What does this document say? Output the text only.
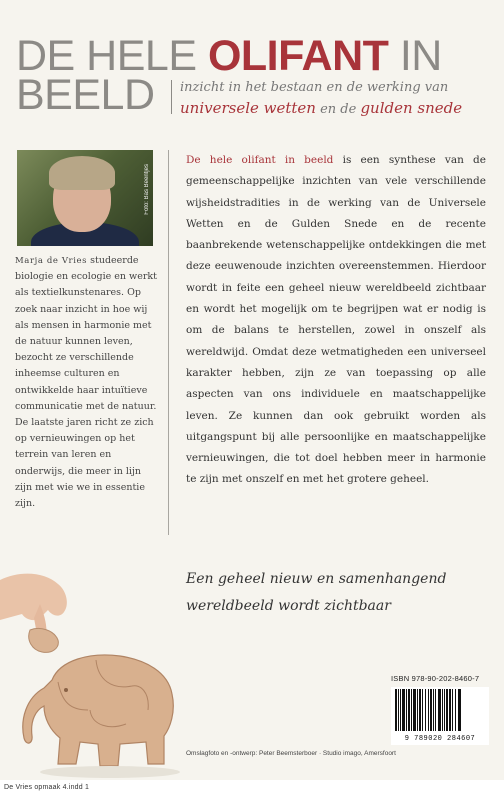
DE HELE OLIFANT IN
BEELD inzicht in het bestaan en de werking van
universele wetten en de gulden snede
Foto: Bas Beentjes

Marja de Vries studeerde biologie en ecologie en werkt als textielkunstenares. Op zoek naar inzicht in hoe wij als mensen in harmonie met de natuur kunnen leven, bezocht ze verschillende inheemse culturen en ontwikkelde haar intuïtieve communicatie met de natuur. De laatste jaren richt ze zich op vernieuwingen op het terrein van leren en onderwijs, die meer in lijn zijn met wie we in essentie zijn.

De hele olifant in beeld is een synthese van de gemeenschappelijke inzichten van vele verschillende wijsheidstradities in de werking van de Universele Wetten en de Gulden Snede en de recente baanbrekende wetenschappelijke ontdekkingen die met deze eeuwenoude inzichten overeenstemmen. Hierdoor wordt in feite een geheel nieuw wereldbeeld zichtbaar en wordt het mogelijk om te begrijpen wat er nodig is om de balans te herstellen, zowel in onszelf als wereldwijd. Omdat deze wetmatigheden een universeel karakter hebben, zijn ze van toepassing op alle aspecten van ons individuele en maatschappelijke leven. Ze kunnen dan ook gebruikt worden als uitgangspunt bij alle persoonlijke en maatschappelijke vernieuwingen, die tot doel hebben meer in harmonie te zijn met onszelf en met het grotere geheel.

Een geheel nieuw en samenhangend
wereldbeeld wordt zichtbaar
ISBN 978-90-202-8460-7
9 789020 284607
Omslagfoto en -ontwerp: Peter Beemsterboer · Studio imago, Amersfoort
De Vries opmaak 4.indd 1
